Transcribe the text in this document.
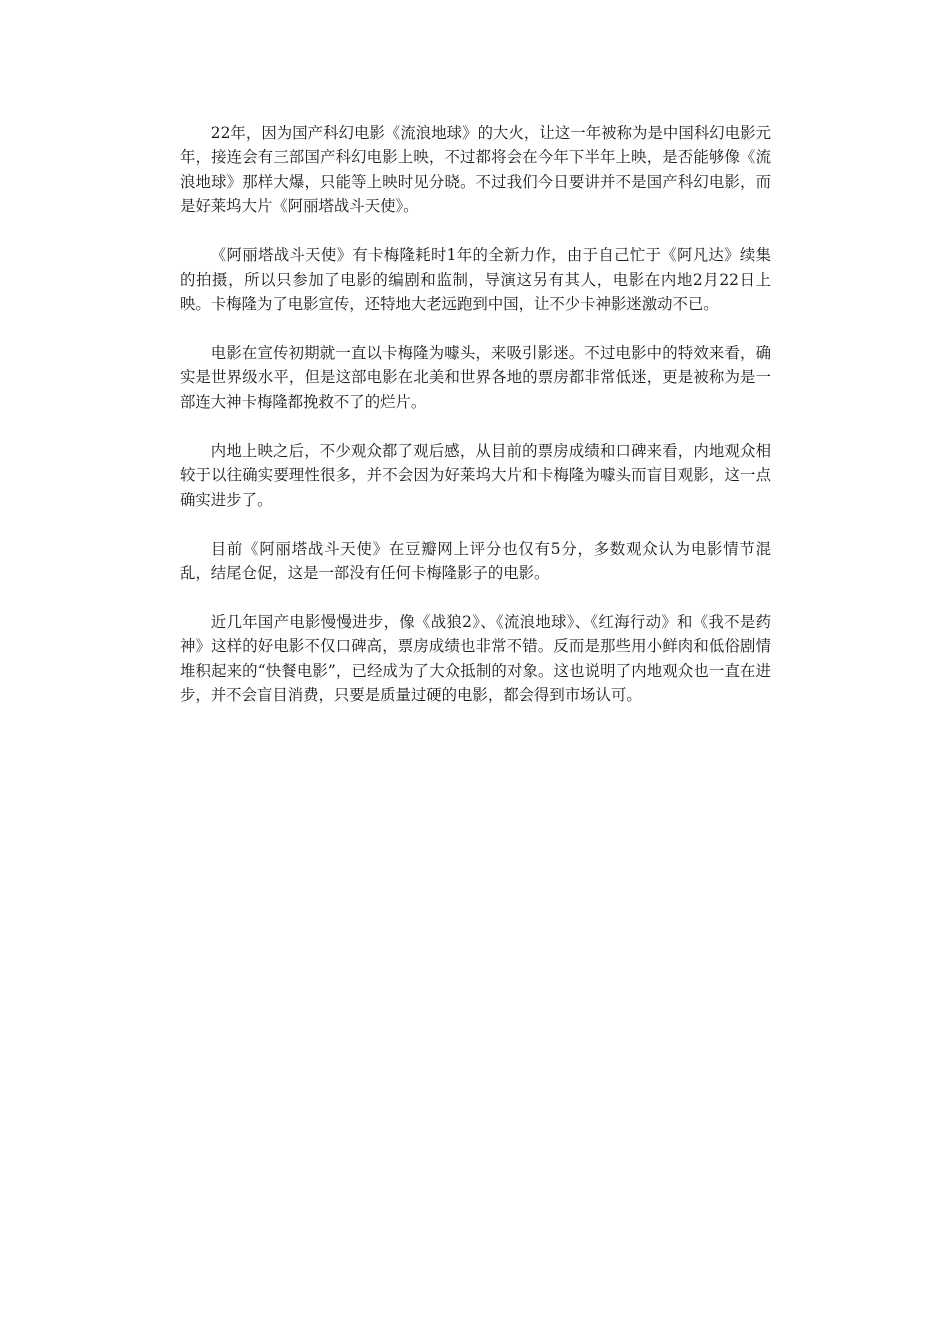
22年，因为国产科幻电影《流浪地球》的大火，让这一年被称为是中国科幻电影元年，接连会有三部国产科幻电影上映，不过都将会在今年下半年上映，是否能够像《流浪地球》那样大爆，只能等上映时见分晓。不过我们今日要讲并不是国产科幻电影，而是好莱坞大片《阿丽塔战斗天使》。

《阿丽塔战斗天使》有卡梅隆耗时1年的全新力作，由于自己忙于《阿凡达》续集的拍摄，所以只参加了电影的编剧和监制，导演这另有其人，电影在内地2月22日上映。卡梅隆为了电影宣传，还特地大老远跑到中国，让不少卡神影迷激动不已。

电影在宣传初期就一直以卡梅隆为噱头，来吸引影迷。不过电影中的特效来看，确实是世界级水平，但是这部电影在北美和世界各地的票房都非常低迷，更是被称为是一部连大神卡梅隆都挽救不了的烂片。

内地上映之后，不少观众都了观后感，从目前的票房成绩和口碑来看，内地观众相较于以往确实要理性很多，并不会因为好莱坞大片和卡梅隆为噱头而盲目观影，这一点确实进步了。

目前《阿丽塔战斗天使》在豆瓣网上评分也仅有5分，多数观众认为电影情节混乱，结尾仓促，这是一部没有任何卡梅隆影子的电影。

近几年国产电影慢慢进步，像《战狼2》、《流浪地球》、《红海行动》和《我不是药神》这样的好电影不仅口碑高，票房成绩也非常不错。反而是那些用小鲜肉和低俗剧情堆积起来的“快餐电影”，已经成为了大众抵制的对象。这也说明了内地观众也一直在进步，并不会盲目消费，只要是质量过硬的电影，都会得到市场认可。
